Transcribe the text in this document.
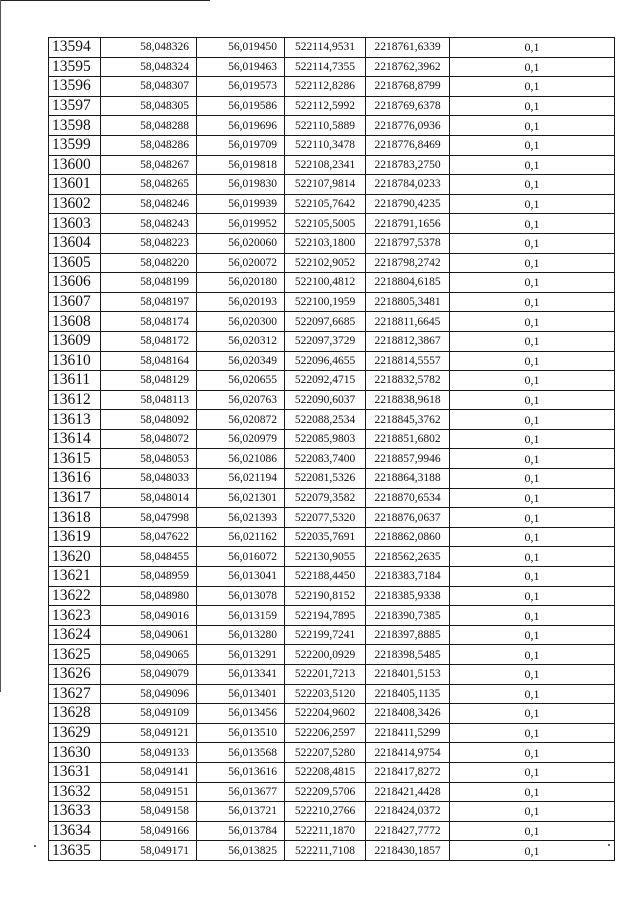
13594	58,048326	56,019450	522114,9531	2218761,6339	0,1
13595	58,048324	56,019463	522114,7355	2218762,3962	0,1
13596	58,048307	56,019573	522112,8286	2218768,8799	0,1
13597	58,048305	56,019586	522112,5992	2218769,6378	0,1
13598	58,048288	56,019696	522110,5889	2218776,0936	0,1
13599	58,048286	56,019709	522110,3478	2218776,8469	0,1
13600	58,048267	56,019818	522108,2341	2218783,2750	0,1
13601	58,048265	56,019830	522107,9814	2218784,0233	0,1
13602	58,048246	56,019939	522105,7642	2218790,4235	0,1
13603	58,048243	56,019952	522105,5005	2218791,1656	0,1
13604	58,048223	56,020060	522103,1800	2218797,5378	0,1
13605	58,048220	56,020072	522102,9052	2218798,2742	0,1
13606	58,048199	56,020180	522100,4812	2218804,6185	0,1
13607	58,048197	56,020193	522100,1959	2218805,3481	0,1
13608	58,048174	56,020300	522097,6685	2218811,6645	0,1
13609	58,048172	56,020312	522097,3729	2218812,3867	0,1
13610	58,048164	56,020349	522096,4655	2218814,5557	0,1
13611	58,048129	56,020655	522092,4715	2218832,5782	0,1
13612	58,048113	56,020763	522090,6037	2218838,9618	0,1
13613	58,048092	56,020872	522088,2534	2218845,3762	0,1
13614	58,048072	56,020979	522085,9803	2218851,6802	0,1
13615	58,048053	56,021086	522083,7400	2218857,9946	0,1
13616	58,048033	56,021194	522081,5326	2218864,3188	0,1
13617	58,048014	56,021301	522079,3582	2218870,6534	0,1
13618	58,047998	56,021393	522077,5320	2218876,0637	0,1
13619	58,047622	56,021162	522035,7691	2218862,0860	0,1
13620	58,048455	56,016072	522130,9055	2218562,2635	0,1
13621	58,048959	56,013041	522188,4450	2218383,7184	0,1
13622	58,048980	56,013078	522190,8152	2218385,9338	0,1
13623	58,049016	56,013159	522194,7895	2218390,7385	0,1
13624	58,049061	56,013280	522199,7241	2218397,8885	0,1
13625	58,049065	56,013291	522200,0929	2218398,5485	0,1
13626	58,049079	56,013341	522201,7213	2218401,5153	0,1
13627	58,049096	56,013401	522203,5120	2218405,1135	0,1
13628	58,049109	56,013456	522204,9602	2218408,3426	0,1
13629	58,049121	56,013510	522206,2597	2218411,5299	0,1
13630	58,049133	56,013568	522207,5280	2218414,9754	0,1
13631	58,049141	56,013616	522208,4815	2218417,8272	0,1
13632	58,049151	56,013677	522209,5706	2218421,4428	0,1
13633	58,049158	56,013721	522210,2766	2218424,0372	0,1
13634	58,049166	56,013784	522211,1870	2218427,7772	0,1
13635	58,049171	56,013825	522211,7108	2218430,1857	0,1
